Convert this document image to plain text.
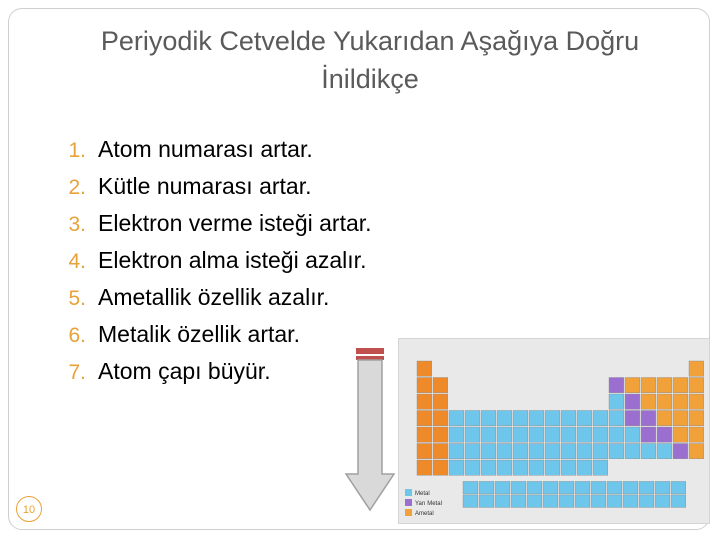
Periyodik Cetvelde Yukarıdan Aşağıya Doğru İnildikçe
1. Atom numarası artar.
2. Kütle numarası artar.
3. Elektron verme isteği artar.
4. Elektron alma isteği azalır.
5. Ametallik özellik azalır.
6. Metalik özellik artar.
7. Atom çapı büyür.
Metal
Yarı Metal
Ametal
10
